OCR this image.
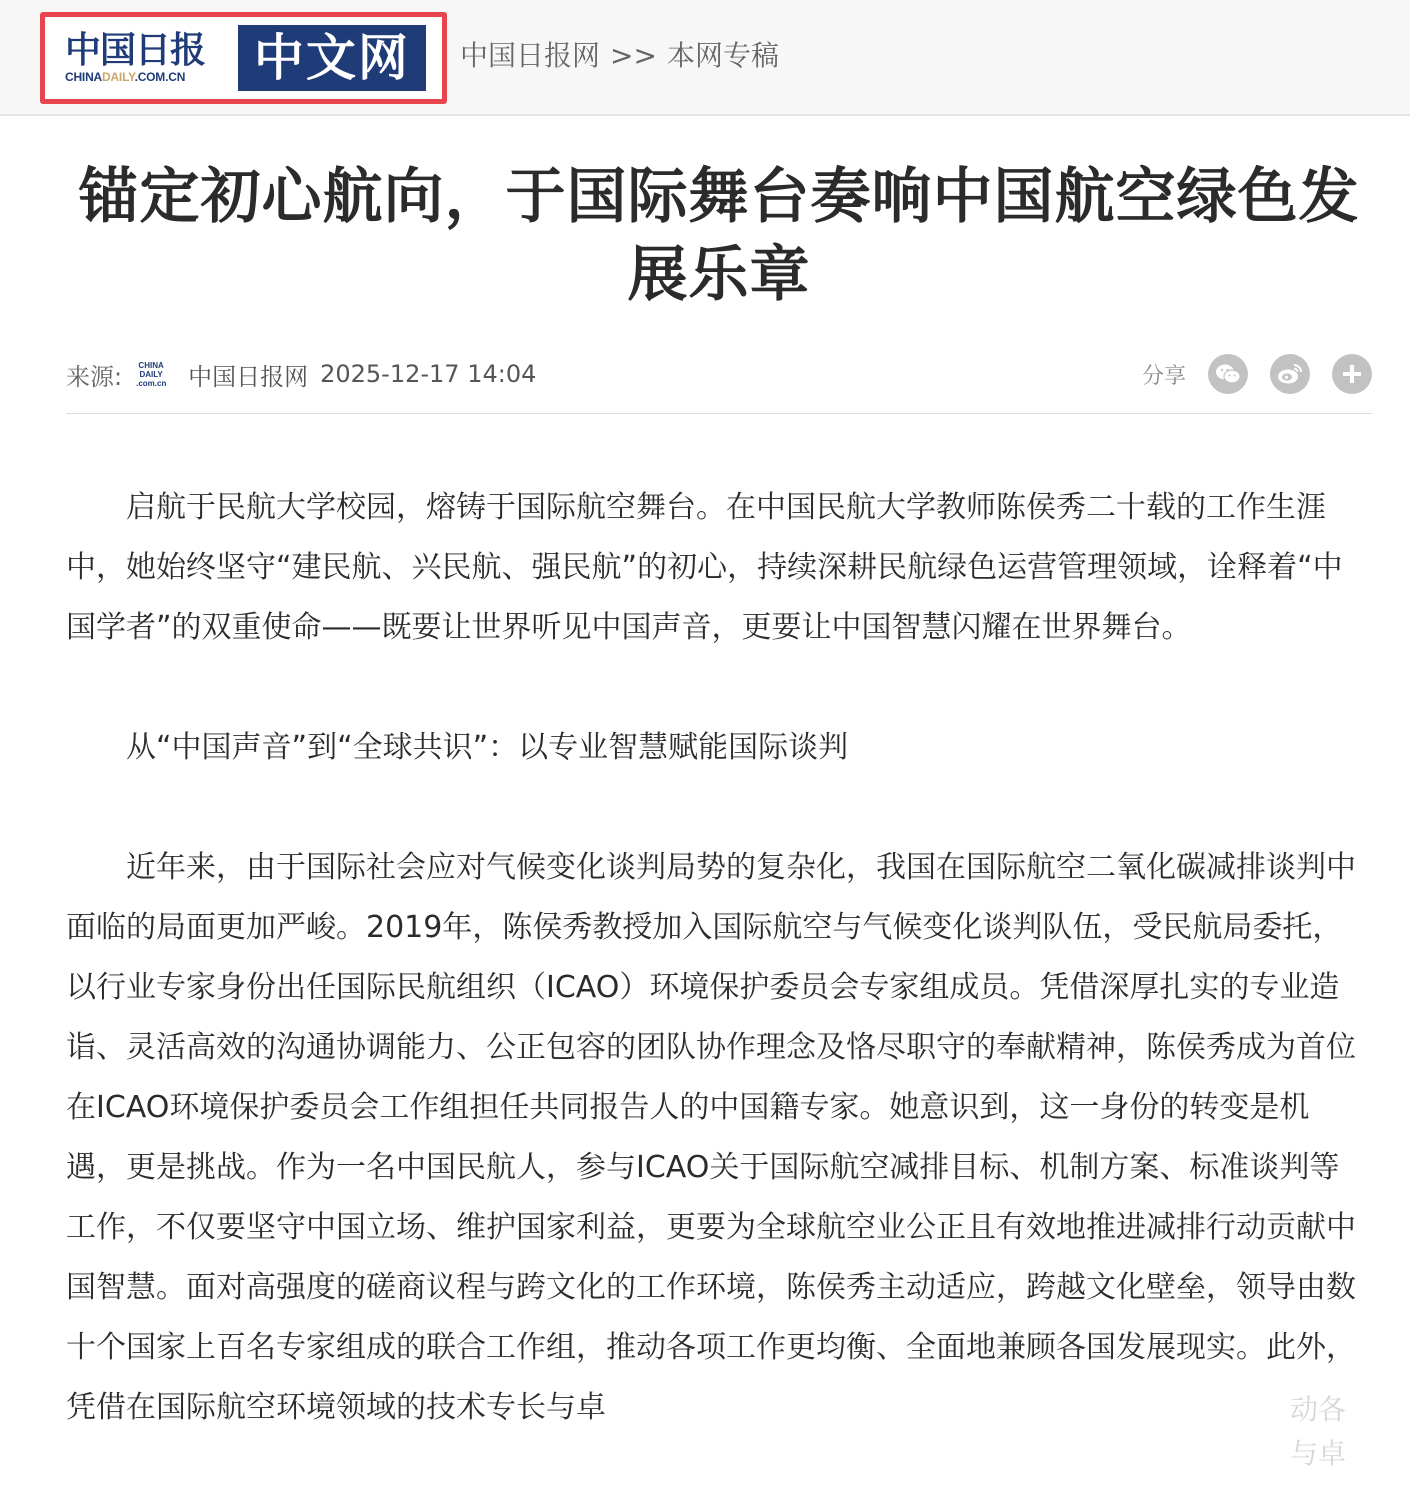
中国日报
CHINADAILY.COM.CN	中文网	中国日报网 >> 本网专稿
锚定初心航向，于国际舞台奏响中国航空绿色发展乐章
来源: CHINA
DAILY
.com.cn 中国日报网 2025-12-17 14:04	分享

启航于民航大学校园，熔铸于国际航空舞台。在中国民航大学教师陈侯秀二十载的工作生涯中，她始终坚守“建民航、兴民航、强民航”的初心，持续深耕民航绿色运营管理领域，诠释着“中国学者”的双重使命——既要让世界听见中国声音，更要让中国智慧闪耀在世界舞台。

从“中国声音”到“全球共识”：以专业智慧赋能国际谈判

近年来，由于国际社会应对气候变化谈判局势的复杂化，我国在国际航空二氧化碳减排谈判中面临的局面更加严峻。2019年，陈侯秀教授加入国际航空与气候变化谈判队伍，受民航局委托，以行业专家身份出任国际民航组织（ICAO）环境保护委员会专家组成员。凭借深厚扎实的专业造诣、灵活高效的沟通协调能力、公正包容的团队协作理念及恪尽职守的奉献精神，陈侯秀成为首位在ICAO环境保护委员会工作组担任共同报告人的中国籍专家。她意识到，这一身份的转变是机遇，更是挑战。作为一名中国民航人，参与ICAO关于国际航空减排目标、机制方案、标准谈判等工作，不仅要坚守中国立场、维护国家利益，更要为全球航空业公正且有效地推进减排行动贡献中国智慧。面对高强度的磋商议程与跨文化的工作环境，陈侯秀主动适应，跨越文化壁垒，领导由数十个国家上百名专家组成的联合工作组，推动各项工作更均衡、全面地兼顾各国发展现实。此外，凭借在国际航空环境领域的技术专长与卓	动各
与卓
